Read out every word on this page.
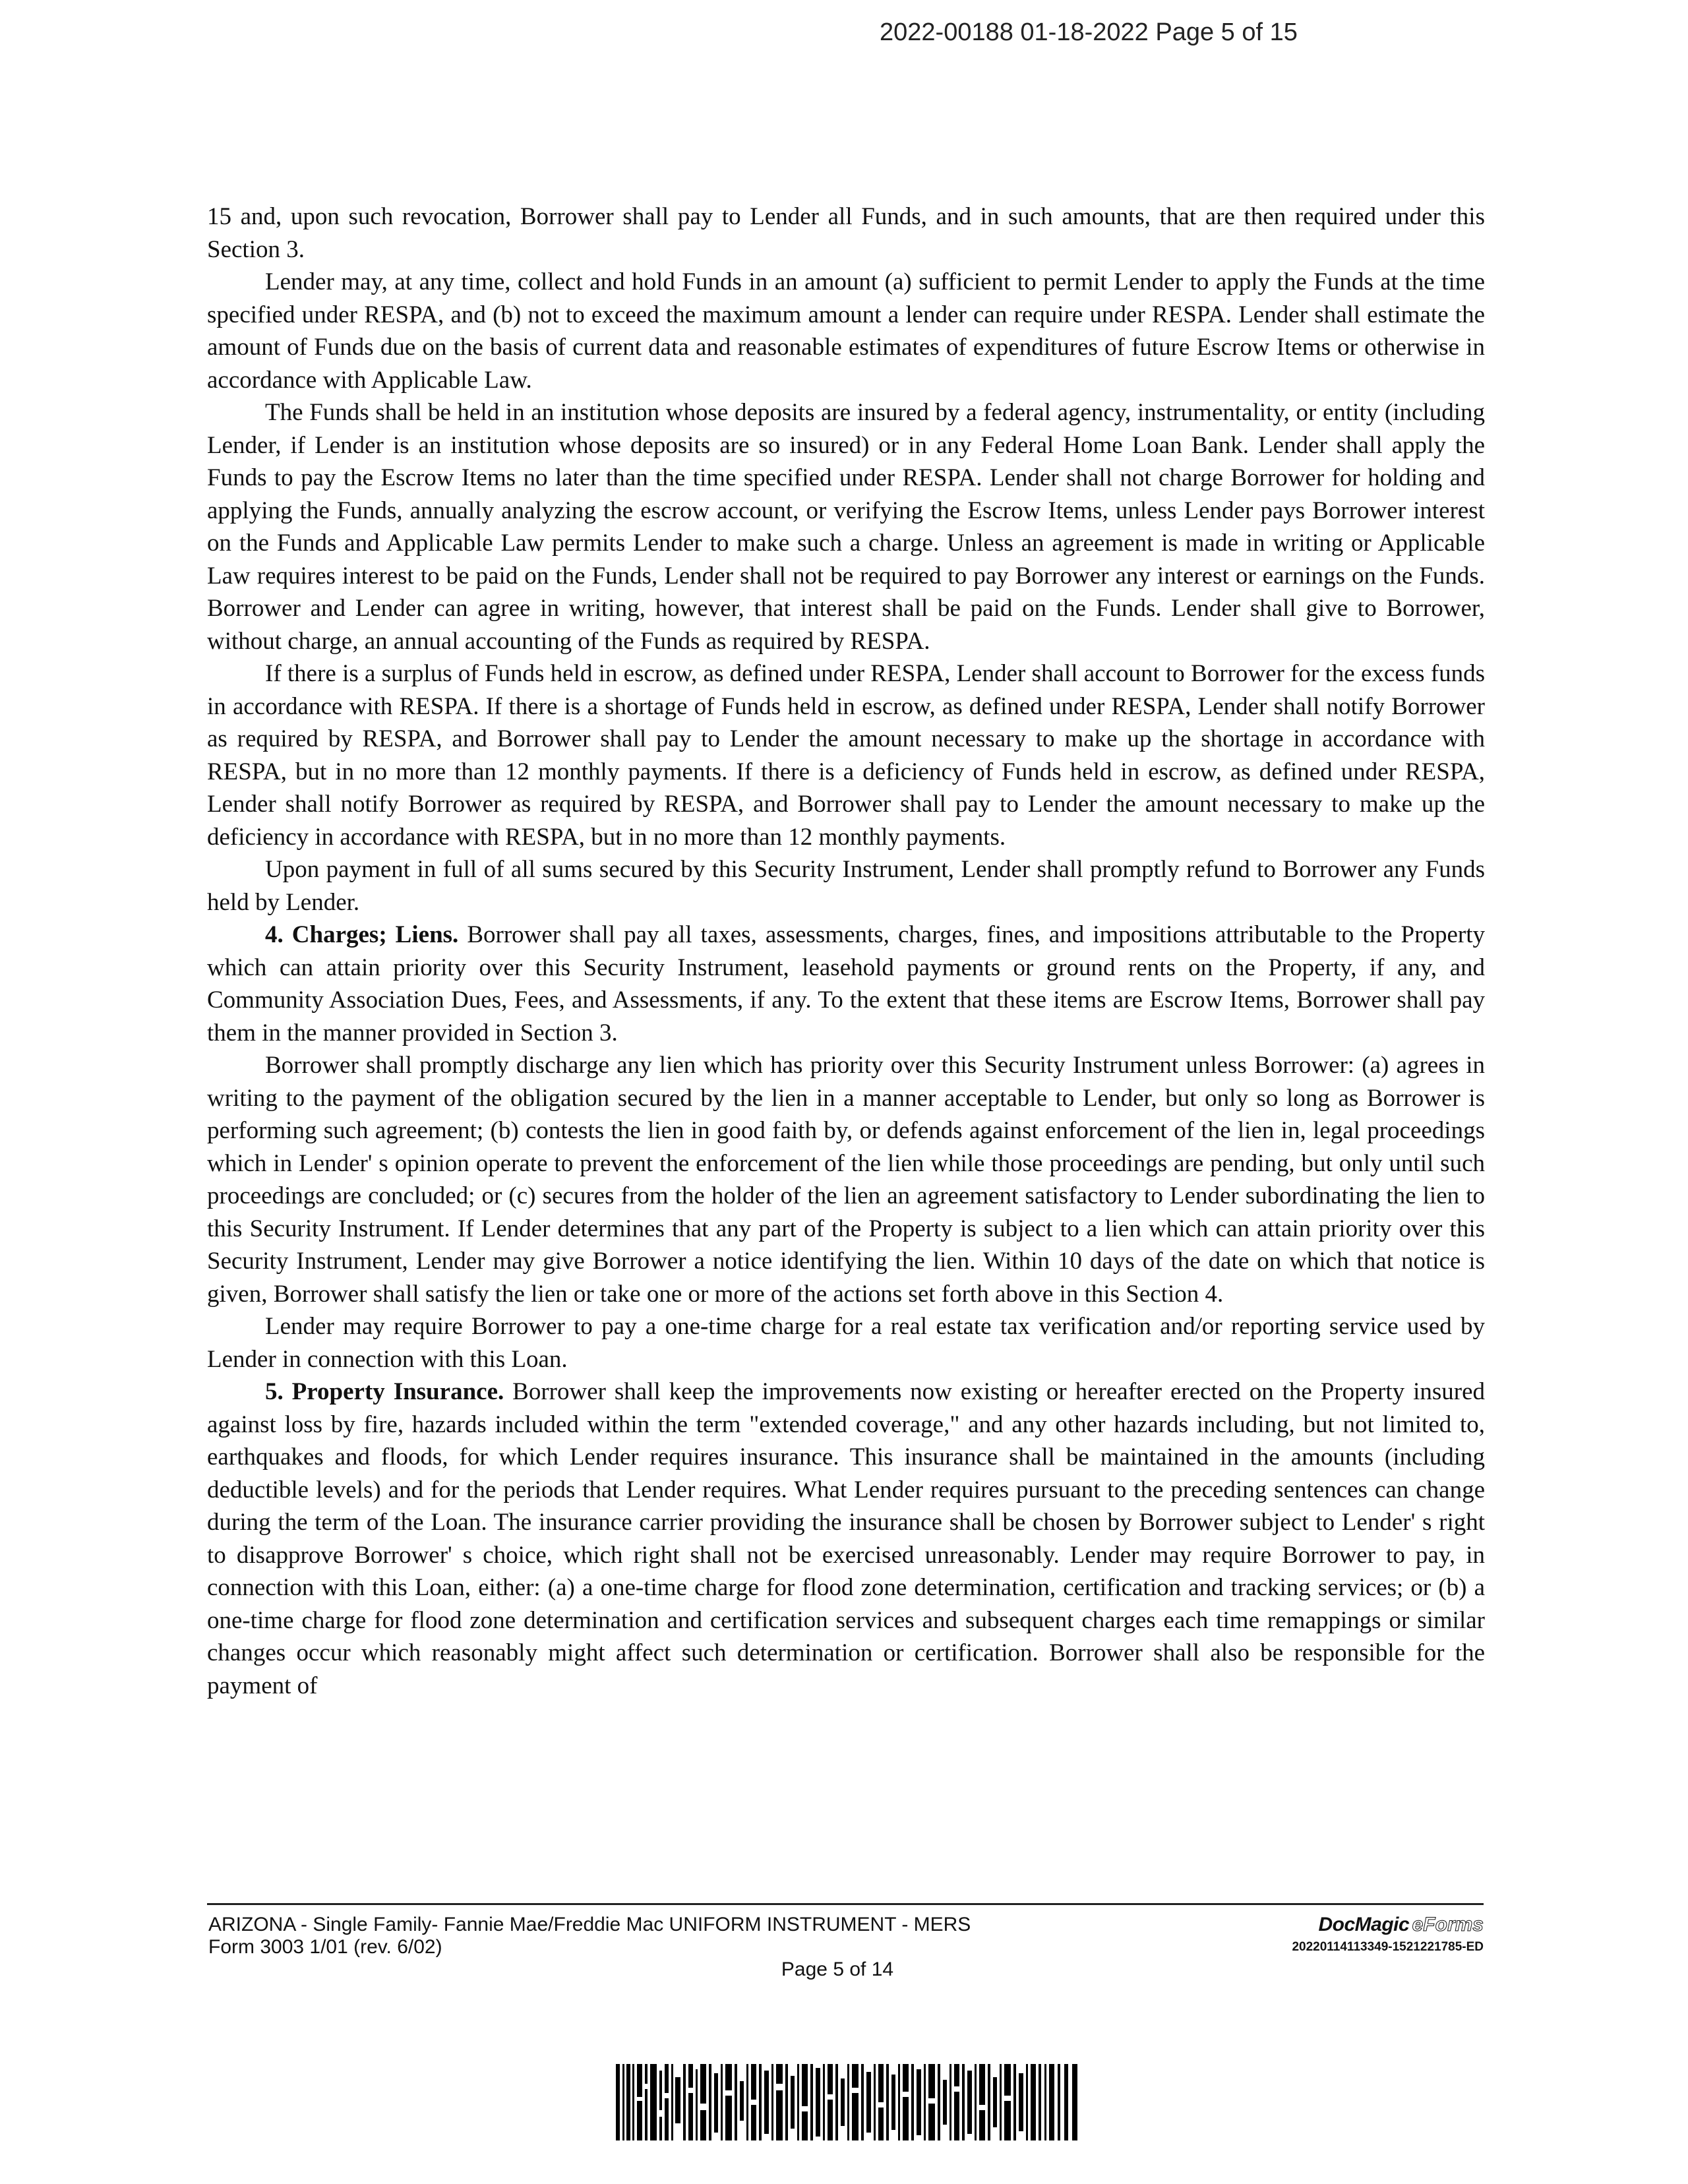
2022-00188 01-18-2022 Page 5 of 15

15 and, upon such revocation, Borrower shall pay to Lender all Funds, and in such amounts, that are then required under this Section 3.

Lender may, at any time, collect and hold Funds in an amount (a) sufficient to permit Lender to apply the Funds at the time specified under RESPA, and (b) not to exceed the maximum amount a lender can require under RESPA. Lender shall estimate the amount of Funds due on the basis of current data and reasonable estimates of expenditures of future Escrow Items or otherwise in accordance with Applicable Law.

The Funds shall be held in an institution whose deposits are insured by a federal agency, instrumentality, or entity (including Lender, if Lender is an institution whose deposits are so insured) or in any Federal Home Loan Bank. Lender shall apply the Funds to pay the Escrow Items no later than the time specified under RESPA. Lender shall not charge Borrower for holding and applying the Funds, annually analyzing the escrow account, or verifying the Escrow Items, unless Lender pays Borrower interest on the Funds and Applicable Law permits Lender to make such a charge. Unless an agreement is made in writing or Applicable Law requires interest to be paid on the Funds, Lender shall not be required to pay Borrower any interest or earnings on the Funds. Borrower and Lender can agree in writing, however, that interest shall be paid on the Funds. Lender shall give to Borrower, without charge, an annual accounting of the Funds as required by RESPA.

If there is a surplus of Funds held in escrow, as defined under RESPA, Lender shall account to Borrower for the excess funds in accordance with RESPA. If there is a shortage of Funds held in escrow, as defined under RESPA, Lender shall notify Borrower as required by RESPA, and Borrower shall pay to Lender the amount necessary to make up the shortage in accordance with RESPA, but in no more than 12 monthly payments. If there is a deficiency of Funds held in escrow, as defined under RESPA, Lender shall notify Borrower as required by RESPA, and Borrower shall pay to Lender the amount necessary to make up the deficiency in accordance with RESPA, but in no more than 12 monthly payments.

Upon payment in full of all sums secured by this Security Instrument, Lender shall promptly refund to Borrower any Funds held by Lender.

4. Charges; Liens. Borrower shall pay all taxes, assessments, charges, fines, and impositions attributable to the Property which can attain priority over this Security Instrument, leasehold payments or ground rents on the Property, if any, and Community Association Dues, Fees, and Assessments, if any. To the extent that these items are Escrow Items, Borrower shall pay them in the manner provided in Section 3.

Borrower shall promptly discharge any lien which has priority over this Security Instrument unless Borrower: (a) agrees in writing to the payment of the obligation secured by the lien in a manner acceptable to Lender, but only so long as Borrower is performing such agreement; (b) contests the lien in good faith by, or defends against enforcement of the lien in, legal proceedings which in Lender' s opinion operate to prevent the enforcement of the lien while those proceedings are pending, but only until such proceedings are concluded; or (c) secures from the holder of the lien an agreement satisfactory to Lender subordinating the lien to this Security Instrument. If Lender determines that any part of the Property is subject to a lien which can attain priority over this Security Instrument, Lender may give Borrower a notice identifying the lien. Within 10 days of the date on which that notice is given, Borrower shall satisfy the lien or take one or more of the actions set forth above in this Section 4.

Lender may require Borrower to pay a one-time charge for a real estate tax verification and/or reporting service used by Lender in connection with this Loan.

5. Property Insurance. Borrower shall keep the improvements now existing or hereafter erected on the Property insured against loss by fire, hazards included within the term "extended coverage," and any other hazards including, but not limited to, earthquakes and floods, for which Lender requires insurance. This insurance shall be maintained in the amounts (including deductible levels) and for the periods that Lender requires. What Lender requires pursuant to the preceding sentences can change during the term of the Loan. The insurance carrier providing the insurance shall be chosen by Borrower subject to Lender' s right to disapprove Borrower' s choice, which right shall not be exercised unreasonably. Lender may require Borrower to pay, in connection with this Loan, either: (a) a one-time charge for flood zone determination, certification and tracking services; or (b) a one-time charge for flood zone determination and certification services and subsequent charges each time remappings or similar changes occur which reasonably might affect such determination or certification. Borrower shall also be responsible for the payment of

ARIZONA - Single Family- Fannie Mae/Freddie Mac UNIFORM INSTRUMENT - MERS
Form 3003 1/01 (rev. 6/02)
Page 5 of 14
DocMagic eForms
20220114113349-1521221785-ED
